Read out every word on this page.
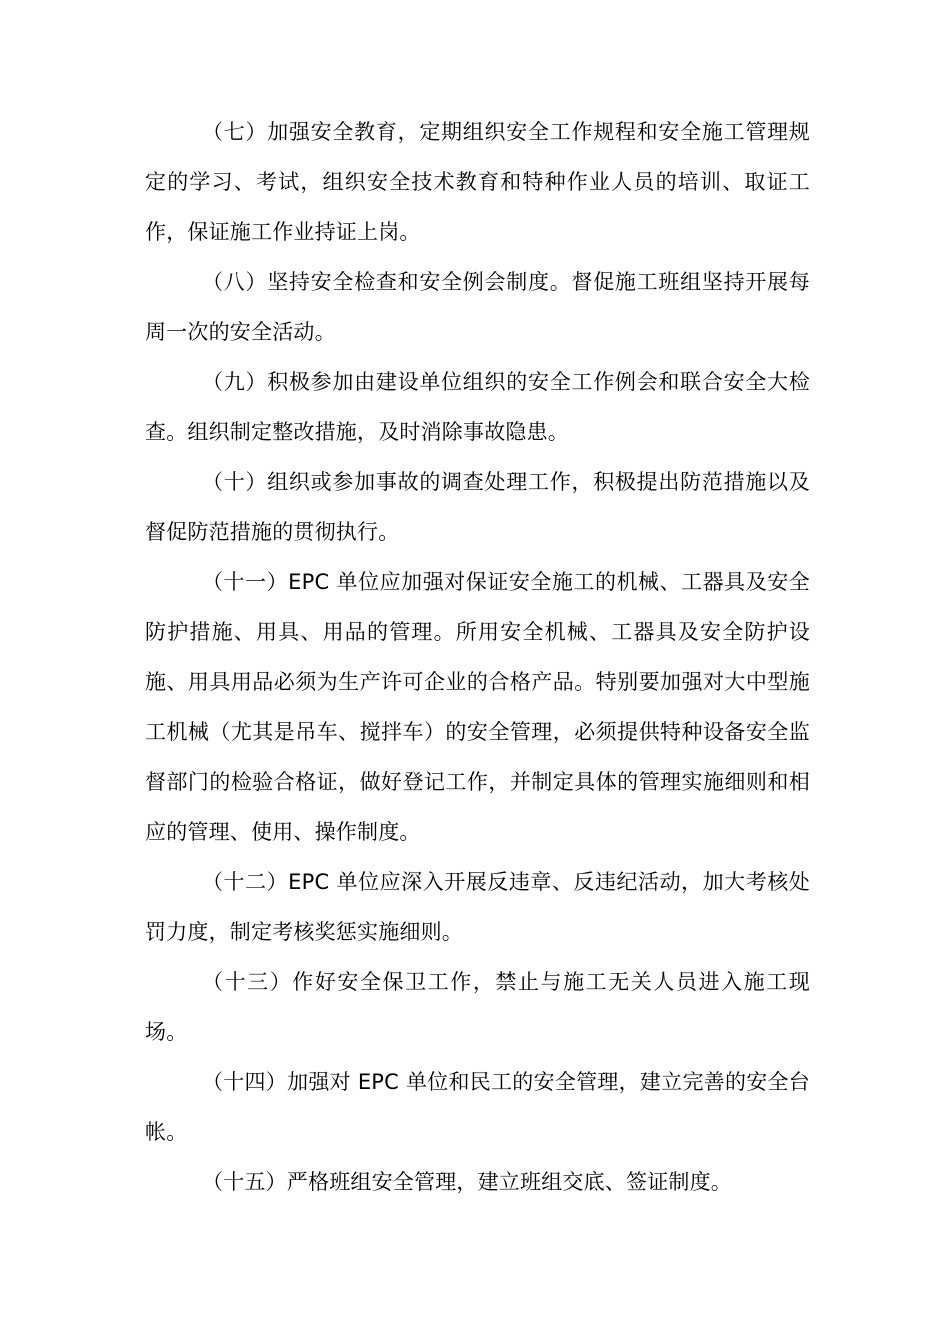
（七）加强安全教育，定期组织安全工作规程和安全施工管理规定的学习、考试，组织安全技术教育和特种作业人员的培训、取证工作，保证施工作业持证上岗。

（八）坚持安全检查和安全例会制度。督促施工班组坚持开展每周一次的安全活动。

（九）积极参加由建设单位组织的安全工作例会和联合安全大检查。组织制定整改措施，及时消除事故隐患。

（十）组织或参加事故的调查处理工作，积极提出防范措施以及督促防范措施的贯彻执行。

（十一）EPC 单位应加强对保证安全施工的机械、工器具及安全防护措施、用具、用品的管理。所用安全机械、工器具及安全防护设施、用具用品必须为生产许可企业的合格产品。特别要加强对大中型施工机械（尤其是吊车、搅拌车）的安全管理，必须提供特种设备安全监督部门的检验合格证，做好登记工作，并制定具体的管理实施细则和相应的管理、使用、操作制度。

（十二）EPC 单位应深入开展反违章、反违纪活动，加大考核处罚力度，制定考核奖惩实施细则。

（十三）作好安全保卫工作，禁止与施工无关人员进入施工现场。

（十四）加强对 EPC 单位和民工的安全管理，建立完善的安全台帐。

（十五）严格班组安全管理，建立班组交底、签证制度。
